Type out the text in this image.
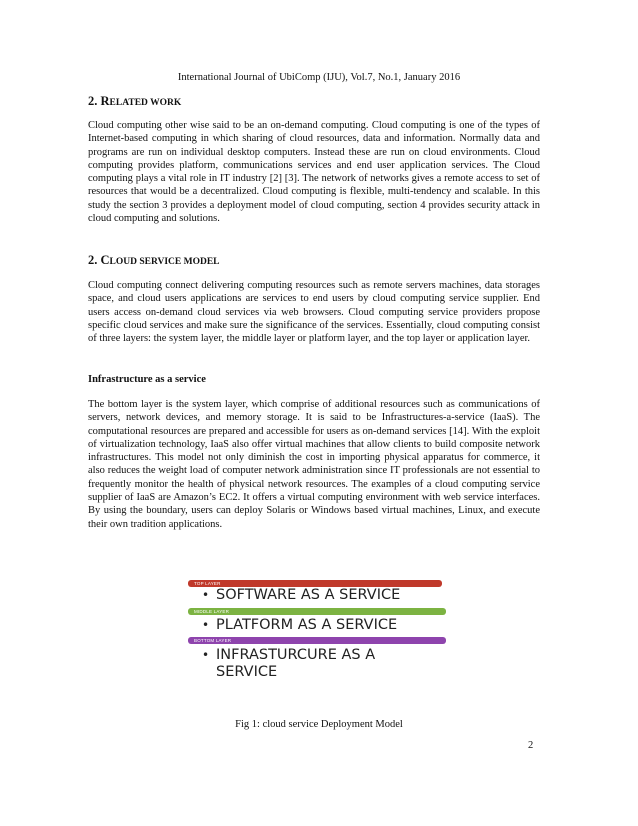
International Journal of UbiComp (IJU), Vol.7, No.1, January 2016
2. RELATED WORK

Cloud computing other wise said to be an on-demand computing. Cloud computing is one of the types of Internet-based computing in which sharing of cloud resources, data and information. Normally data and programs are run on individual desktop computers. Instead these are run on cloud environments. Cloud computing provides platform, communications services and end user application services. The Cloud computing plays a vital role in IT industry [2] [3]. The network of networks gives a remote access to set of resources that would be a decentralized. Cloud computing is flexible, multi-tendency and scalable. In this study the section 3 provides a deployment model of cloud computing, section 4 provides security attack in cloud computing and solutions.

2. CLOUD SERVICE MODEL

Cloud computing connect delivering computing resources such as remote servers machines, data storages space, and cloud users applications are services to end users by cloud computing service supplier. End users access on-demand cloud services via web browsers. Cloud computing service providers propose specific cloud services and make sure the significance of the services. Essentially, cloud computing consist of three layers: the system layer, the middle layer or platform layer, and the top layer or application layer.

Infrastructure as a service

The bottom layer is the system layer, which comprise of additional resources such as communications of servers, network devices, and memory storage. It is said to be Infrastructures-a-service (IaaS). The computational resources are prepared and accessible for users as on-demand services [14]. With the exploit of virtualization technology, IaaS also offer virtual machines that allow clients to build composite network infrastructures. This model not only diminish the cost in importing physical apparatus for commerce, it also reduces the weight load of computer network administration since IT professionals are not essential to frequently monitor the health of physical network resources. The examples of a cloud computing service supplier of IaaS are Amazon’s EC2. It offers a virtual computing environment with web service interfaces. By using the boundary, users can deploy Solaris or Windows based virtual machines, Linux, and execute their own tradition applications.

TOP LAYER
• SOFTWARE AS A SERVICE
MIDDLE LAYER
• PLATFORM AS A SERVICE
BOTTOM LAYER
• INFRASTURCURE AS A SERVICE
Fig 1: cloud service Deployment Model
2
